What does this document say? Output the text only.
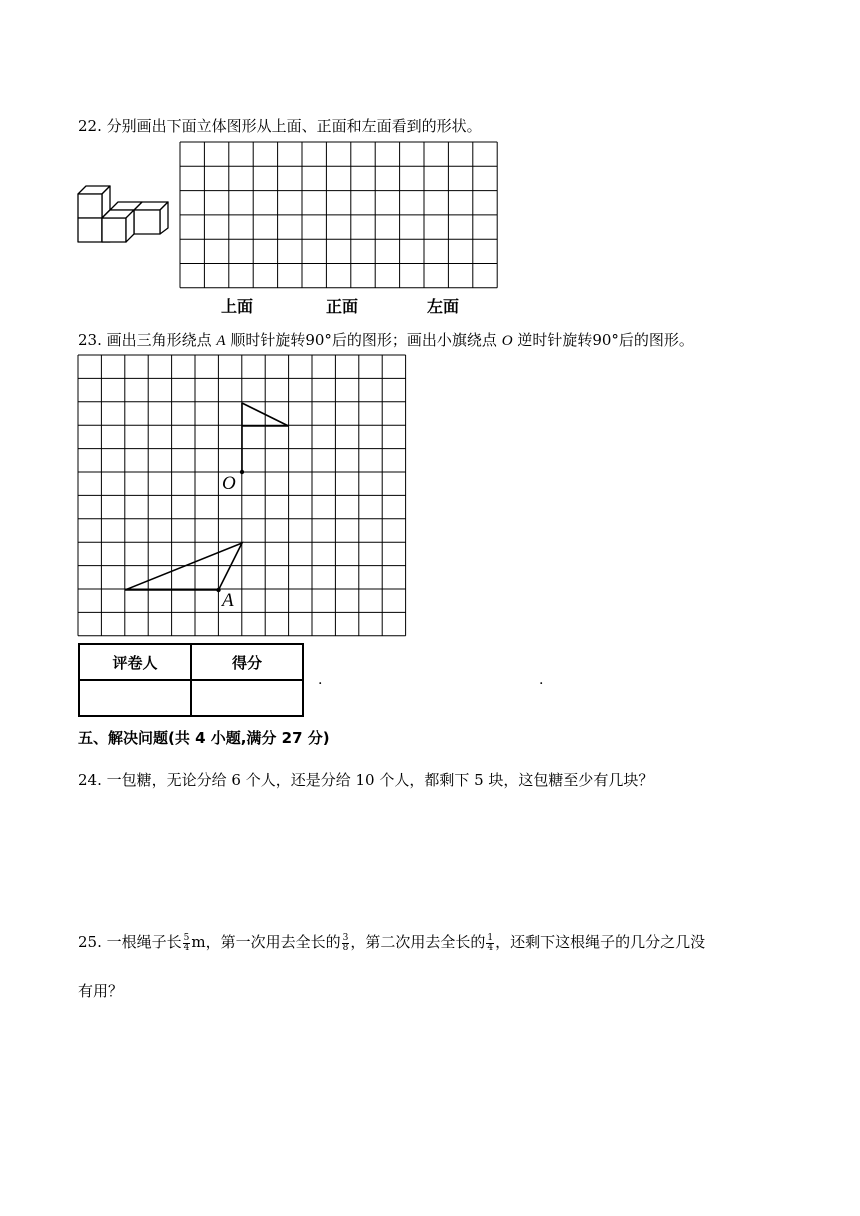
22. 分别画出下面立体图形从上面、正面和左面看到的形状。
上面	正面	左面
23. 画出三角形绕点 A 顺时针旋转90°后的图形；画出小旗绕点 O 逆时针旋转90°后的图形。
O
A
评卷人	得分

.	.
五、解决问题(共 4 小题,满分 27 分)
24. 一包糖，无论分给 6 个人，还是分给 10 个人，都剩下 5 块，这包糖至少有几块？
25. 一根绳子长 $\frac{5}{4}$ m，第一次用去全长的 $\frac{3}{8}$ ，第二次用去全长的 $\frac{1}{4}$ ，还剩下这根绳子的几分之几没
有用？
